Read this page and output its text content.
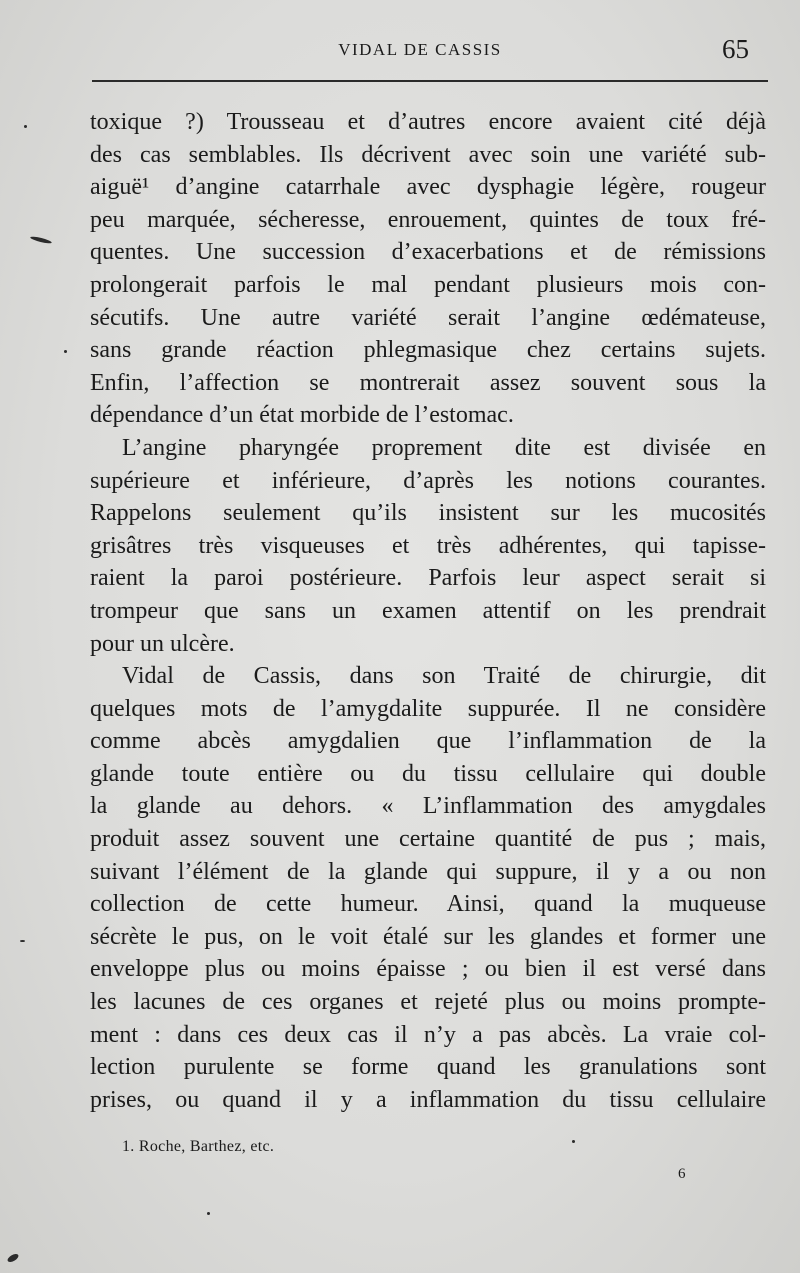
VIDAL DE CASSIS	65
toxique ?) Trousseau et d’autres encore avaient cité déjà
des cas semblables. Ils décrivent avec soin une variété sub-
aiguë¹ d’angine catarrhale avec dysphagie légère, rougeur
peu marquée, sécheresse, enrouement, quintes de toux fré-
quentes. Une succession d’exacerbations et de rémissions
prolongerait parfois le mal pendant plusieurs mois con-
sécutifs. Une autre variété serait l’angine œdémateuse,
sans grande réaction phlegmasique chez certains sujets.
Enfin, l’affection se montrerait assez souvent sous la
dépendance d’un état morbide de l’estomac.
L’angine pharyngée proprement dite est divisée en
supérieure et inférieure, d’après les notions courantes.
Rappelons seulement qu’ils insistent sur les mucosités
grisâtres très visqueuses et très adhérentes, qui tapisse-
raient la paroi postérieure. Parfois leur aspect serait si
trompeur que sans un examen attentif on les prendrait
pour un ulcère.
Vidal de Cassis, dans son Traité de chirurgie, dit
quelques mots de l’amygdalite suppurée. Il ne considère
comme abcès amygdalien que l’inflammation de la
glande toute entière ou du tissu cellulaire qui double
la glande au dehors. « L’inflammation des amygdales
produit assez souvent une certaine quantité de pus ; mais,
suivant l’élément de la glande qui suppure, il y a ou non
collection de cette humeur. Ainsi, quand la muqueuse
sécrète le pus, on le voit étalé sur les glandes et former une
enveloppe plus ou moins épaisse ; ou bien il est versé dans
les lacunes de ces organes et rejeté plus ou moins prompte-
ment : dans ces deux cas il n’y a pas abcès. La vraie col-
lection purulente se forme quand les granulations sont
prises, ou quand il y a inflammation du tissu cellulaire
1. Roche, Barthez, etc.
6
